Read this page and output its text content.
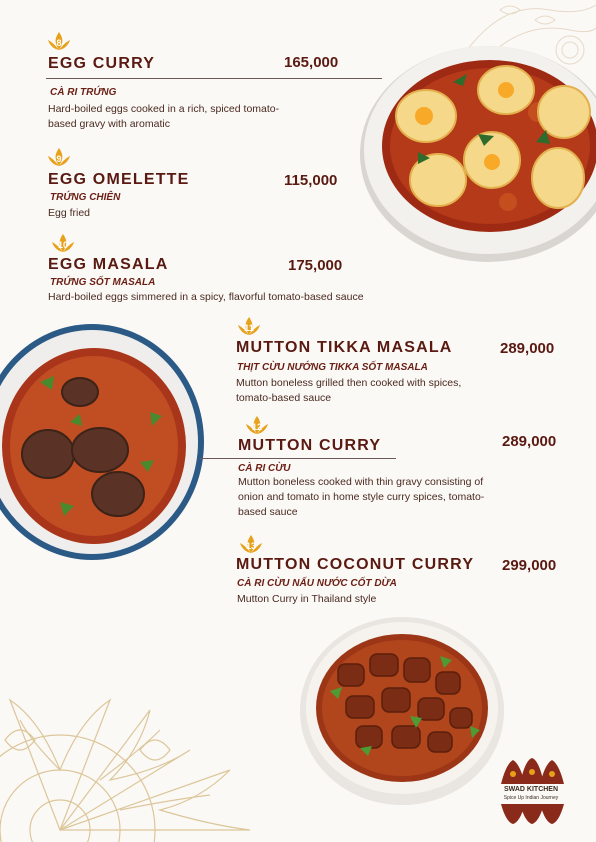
8
EGG CURRY	165,000
CÀ RI TRỨNG
Hard-boiled eggs cooked in a rich, spiced tomato-based gravy with aromatic
9
EGG OMELETTE	115,000
TRỨNG CHIÊN
Egg fried
10
EGG MASALA	175,000
TRỨNG SỐT MASALA
Hard-boiled eggs simmered in a spicy, flavorful tomato-based sauce
11
MUTTON TIKKA MASALA	289,000
THỊT CỪU NƯỚNG TIKKA SỐT MASALA
Mutton boneless grilled then cooked with spices, tomato-based sauce
12
MUTTON CURRY	289,000
CÀ RI CỪU
Mutton boneless cooked with thin gravy consisting of onion and tomato in home style curry spices, tomato-based sauce
13
MUTTON COCONUT CURRY 299,000
CÀ RI CỪU NẤU NƯỚC CỐT DỪA
Mutton Curry in Thailand style
SWAD KITCHEN
Spice Up Indian Journey
